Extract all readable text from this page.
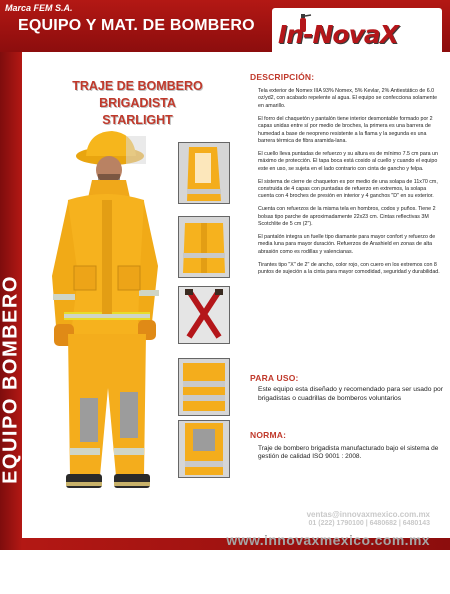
Marca FEM S.A.
EQUIPO Y MAT. DE BOMBERO In-NovaX
EQUIPO BOMBERO
22
TRAJE DE BOMBERO BRIGADISTA
STARLIGHT
DESCRIPCIÓN:

Tela exterior de Nomex IIIA 93% Nomex, 5% Kevlar, 2% Antiestático de 6.0 oz/yd2, con acabado repelente al agua. El equipo se confecciona solamente en amarillo.

El forro del chaquetón y pantalón tiene interior desmontable formado por 2 capas unidas entre sí por medio de broches, la primera es una barrera de humedad a base de neopreno resistente a la flama y la segunda es una barrera térmica de fibra aramida-lana.

El cuello lleva puntadas de refuerzo y su altura es de mínimo 7.5 cm para un máximo de protección. El tapa boca está cosido al cuello y cuando el equipo este en uso, se sujeta en el lado contrario con cinta de gancho y felpa.

El sistema de cierre de chaqueton es por medio de una solapa de 11x70 cm, construida de 4 capas con puntadas de refuerzo en extremos, la solapa cuenta con 4 broches de presión en interior y 4 ganchos "D" en su exterior.

Cuenta con refuerzos de la misma tela en hombros, codos y puños. Tiene 2 bolsas tipo parche de aproximadamente 22x23 cm. Cintas reflectivas 3M Scotchlite de 5 cm (2").

El pantalón integra un fuelle tipo diamante para mayor confort y refuerzo de media luna para mayor duración. Refuerzos de Arashield en zonas de alta abrasión como es rodillas y valencianas.

Tirantes tipo "X" de 2" de ancho, color rojo, con cuero en los extremos con 8 puntos de sujeción a la cinta para mayor comodidad, seguridad y durabilidad.

PARA USO:
Este equipo esta diseñado y recomendado para ser usado por brigadistas o cuadrillas de bomberos voluntarios
NORMA:
Traje de bombero brigadista manufacturado bajo el sistema de gestión de calidad ISO 9001 : 2008.
ventas@innovaxmexico.com.mx
01 (222) 1790100 | 6480682 | 6480143
www.innovaxmexico.com.mx
